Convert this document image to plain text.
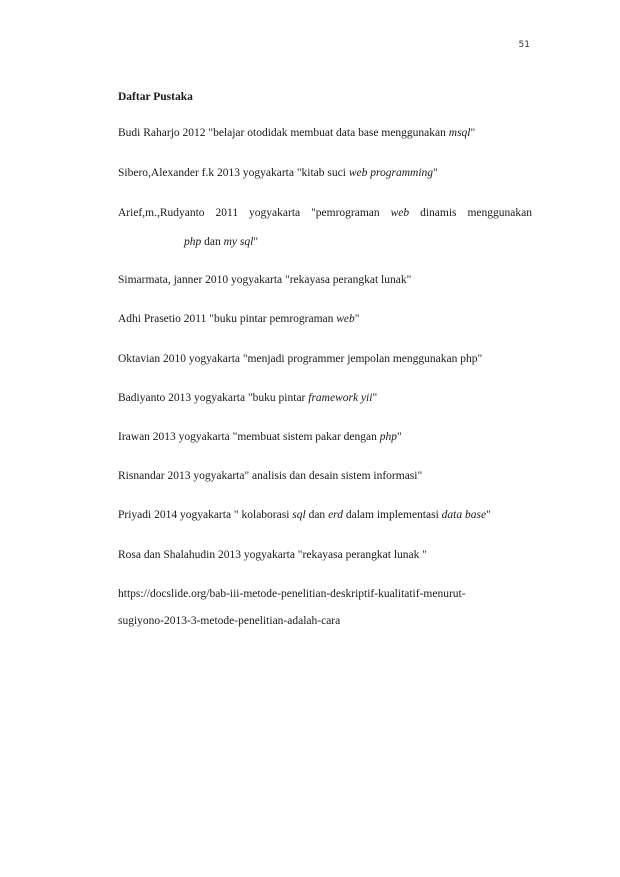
51
Daftar Pustaka
Budi Raharjo 2012 "belajar otodidak membuat data base menggunakan msql"
Sibero,Alexander f.k 2013 yogyakarta "kitab suci web programming"
Arief,m.,Rudyanto 2011 yogyakarta "pemrograman web dinamis menggunakan
php dan my sql"
Simarmata, janner 2010 yogyakarta "rekayasa perangkat lunak"
Adhi Prasetio 2011 "buku pintar pemrograman web"
Oktavian 2010 yogyakarta "menjadi programmer jempolan menggunakan php"
Badiyanto 2013 yogyakarta "buku pintar framework yii"
Irawan 2013 yogyakarta "membuat sistem pakar dengan php"
Risnandar 2013 yogyakarta" analisis dan desain sistem informasi"
Priyadi 2014 yogyakarta " kolaborasi sql dan erd dalam implementasi data base"
Rosa dan Shalahudin 2013 yogyakarta "rekayasa perangkat lunak "
https://docslide.org/bab-iii-metode-penelitian-deskriptif-kualitatif-menurut-
sugiyono-2013-3-metode-penelitian-adalah-cara
